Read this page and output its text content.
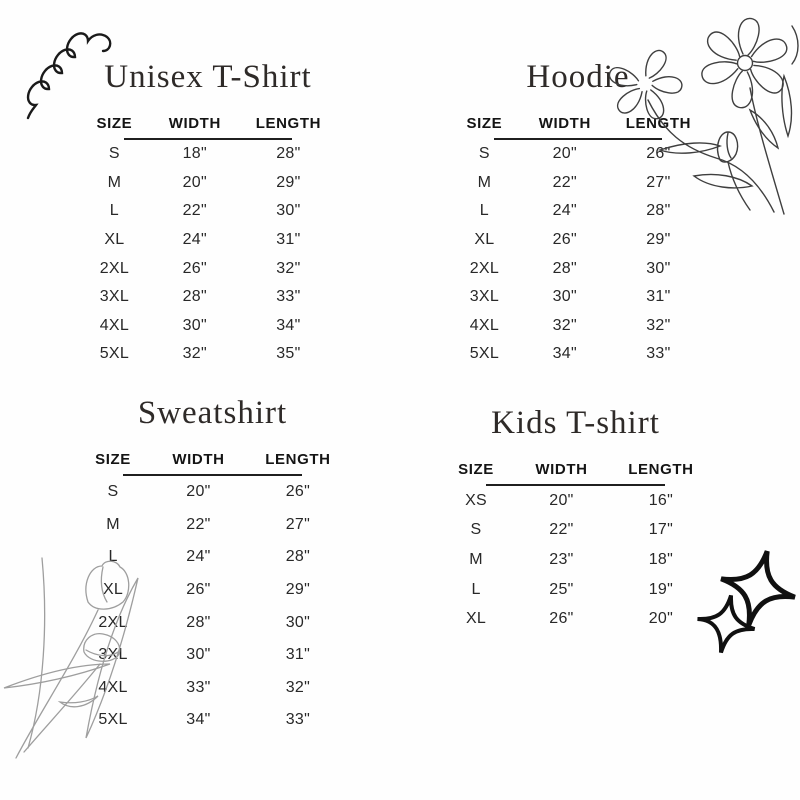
Unisex T-Shirt
SIZE	WIDTH	LENGTH
S	18"	28"
M	20"	29"
L	22"	30"
XL	24"	31"
2XL	26"	32"
3XL	28"	33"
4XL	30"	34"
5XL	32"	35"
Hoodie
SIZE	WIDTH	LENGTH
S	20"	26"
M	22"	27"
L	24"	28"
XL	26"	29"
2XL	28"	30"
3XL	30"	31"
4XL	32"	32"
5XL	34"	33"
Sweatshirt
SIZE	WIDTH	LENGTH
S	20"	26"
M	22"	27"
L	24"	28"
XL	26"	29"
2XL	28"	30"
3XL	30"	31"
4XL	33"	32"
5XL	34"	33"
Kids T-shirt
SIZE	WIDTH	LENGTH
XS	20"	16"
S	22"	17"
M	23"	18"
L	25"	19"
XL	26"	20"
